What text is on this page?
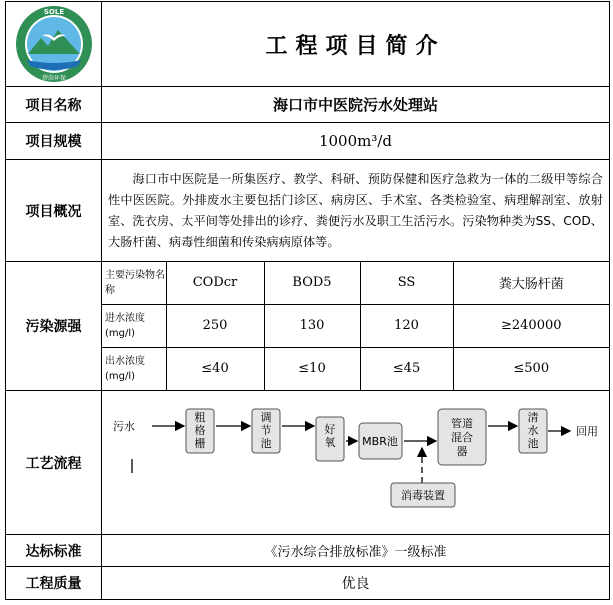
SOLE
碧茵环保
	工程项目简介
项目名称	海口市中医院污水处理站
项目规模	1000m³/d
项目概况	海口市中医院是一所集医疗、教学、科研、预防保健和医疗急救为一体的二级甲等综合性中医医院。外排废水主要包括门诊区、病房区、手术室、各类检验室、病理解剖室、放射室、洗衣房、太平间等处排出的诊疗、粪便污水及职工生活污水。污染物种类为SS、COD、大肠杆菌、病毒性细菌和传染病病原体等。
污染源强	
主要污染物名称	CODcr	BOD5	SS	粪大肠杆菌
进水浓度(mg/l)	250	130	120	≥240000
出水浓度(mg/l)	≤40	≤10	≤45	≤500

工艺流程	
污水
粗格栅
调节池
好氧 MBR池
管道混合器
清水池
回用
消毒装置

达标标准	《污水综合排放标准》一级标准
工程质量	优良
